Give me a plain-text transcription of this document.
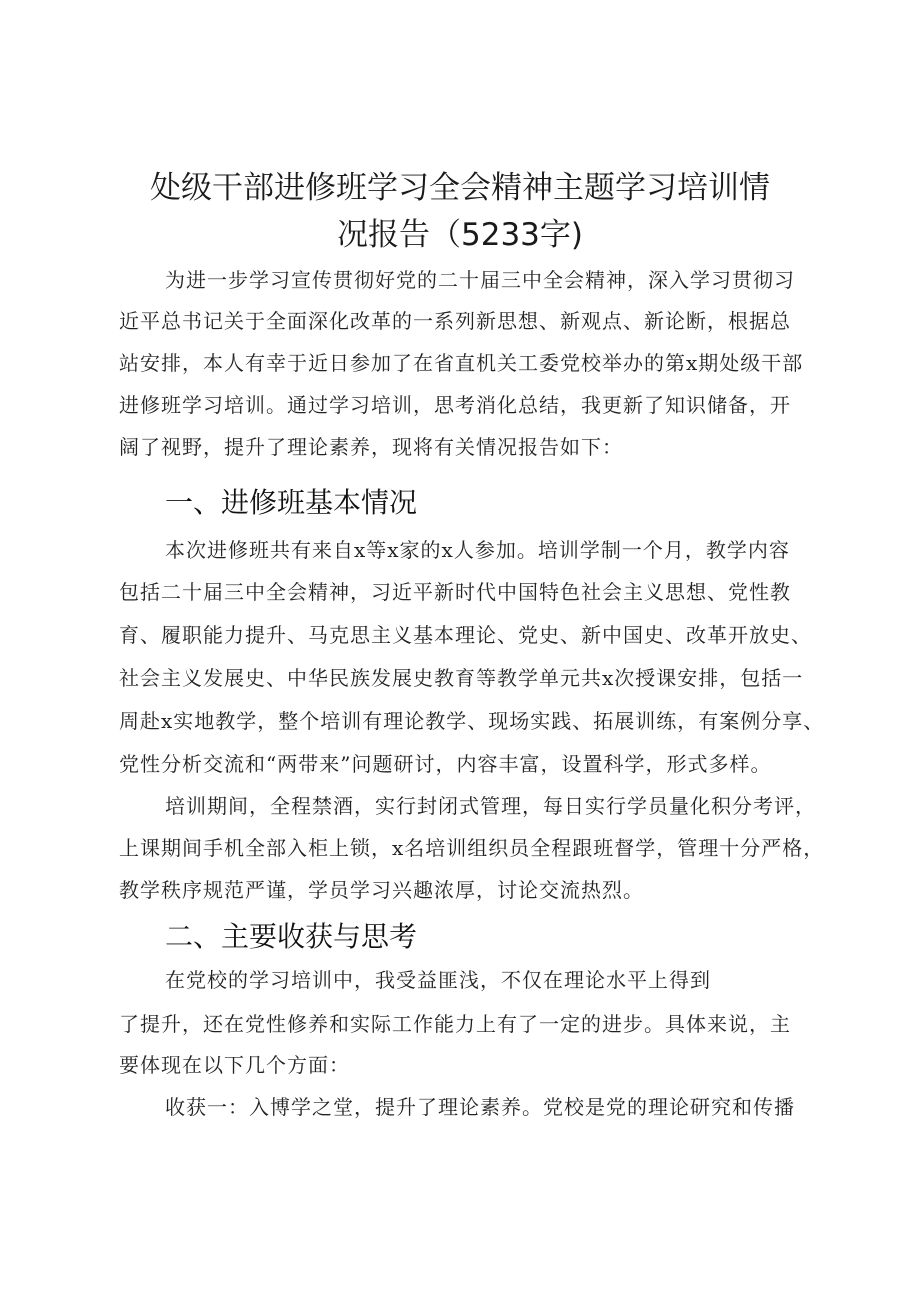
处级干部进修班学习全会精神主题学习培训情
况报告（5233字)
为进一步学习宣传贯彻好党的二十届三中全会精神，深入学习贯彻习
近平总书记关于全面深化改革的一系列新思想、新观点、新论断，根据总
站安排，本人有幸于近日参加了在省直机关工委党校举办的第x期处级干部
进修班学习培训。通过学习培训，思考消化总结，我更新了知识储备，开
阔了视野，提升了理论素养，现将有关情况报告如下：
一、进修班基本情况
本次进修班共有来自x等x家的x人参加。培训学制一个月，教学内容
包括二十届三中全会精神，习近平新时代中国特色社会主义思想、党性教
育、履职能力提升、马克思主义基本理论、党史、新中国史、改革开放史、
社会主义发展史、中华民族发展史教育等教学单元共x次授课安排，包括一
周赴x实地教学，整个培训有理论教学、现场实践、拓展训练，有案例分享、
党性分析交流和“两带来”问题研讨，内容丰富，设置科学，形式多样。
培训期间，全程禁酒，实行封闭式管理，每日实行学员量化积分考评，
上课期间手机全部入柜上锁，x名培训组织员全程跟班督学，管理十分严格，
教学秩序规范严谨，学员学习兴趣浓厚，讨论交流热烈。
二、主要收获与思考
在党校的学习培训中，我受益匪浅，不仅在理论水平上得到
了提升，还在党性修养和实际工作能力上有了一定的进步。具体来说，主
要体现在以下几个方面：
收获一：入博学之堂，提升了理论素养。党校是党的理论研究和传播
